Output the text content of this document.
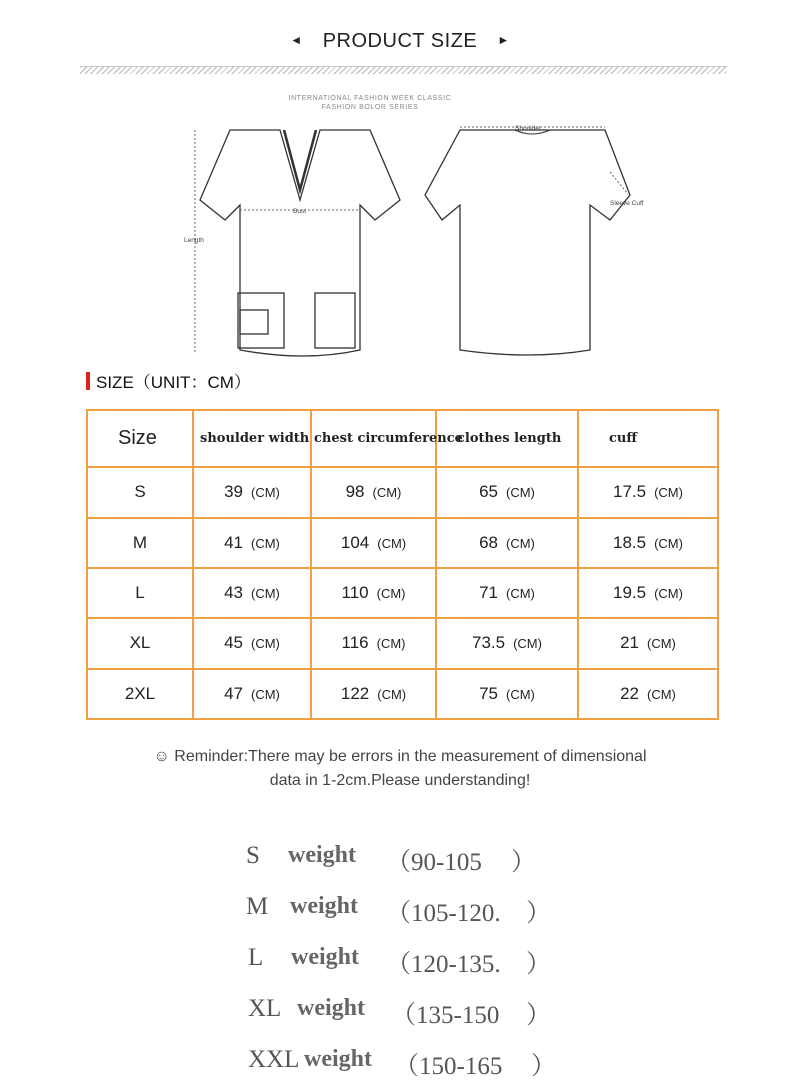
◄ PRODUCT SIZE ►
INTERNATIONAL FASHION WEEK CLASSIC
FASHION BOLOR SERIES
Bust
Length
Shoulder
Sleeve Cuff
SIZE（UNIT：CM）
Size	shoulder width	chest circumference	clothes length	cuff
S	39 (CM)	98 (CM)	65 (CM)	17.5 (CM)
M	41 (CM)	104 (CM)	68 (CM)	18.5 (CM)
L	43 (CM)	110 (CM)	71 (CM)	19.5 (CM)
XL	45 (CM)	116 (CM)	73.5 (CM)	21 (CM)
2XL	47 (CM)	122 (CM)	75 (CM)	22 (CM)
☺ Reminder:There may be errors in the measurement of dimensional
data in 1-2cm.Please understanding!
S weight （90-105 ）
M weight （105-120. ）
L weight （120-135. ）
XL weight （135-150 ）
XXL weight （150-165 ）
